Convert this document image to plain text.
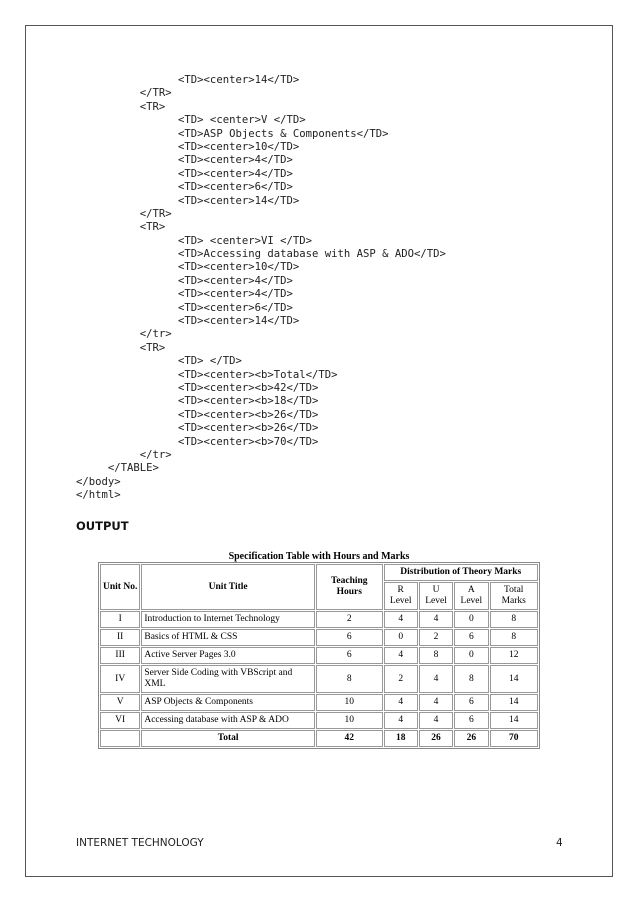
<TD><center>14</TD>
</TR>
<TR>
<TD> <center>V </TD>
<TD>ASP Objects & Components</TD>
<TD><center>10</TD>
<TD><center>4</TD>
<TD><center>4</TD>
<TD><center>6</TD>
<TD><center>14</TD>
</TR>
<TR>
<TD> <center>VI </TD>
<TD>Accessing database with ASP & ADO</TD>
<TD><center>10</TD>
<TD><center>4</TD>
<TD><center>4</TD>
<TD><center>6</TD>
<TD><center>14</TD>
</tr>
<TR>
<TD> </TD>
<TD><center><b>Total</TD>
<TD><center><b>42</TD>
<TD><center><b>18</TD>
<TD><center><b>26</TD>
<TD><center><b>26</TD>
<TD><center><b>70</TD>
</tr>
</TABLE>
</body>
</html>
OUTPUT
Specification Table with Hours and Marks
Unit No.	Unit Title	Teaching Hours	Distribution of Theory Marks			
			R Level	U Level	A Level	Total Marks
I	Introduction to Internet Technology	2	4	4	0	8
II	Basics of HTML & CSS	6	0	2	6	8
III	Active Server Pages 3.0	6	4	8	0	12
IV	Server Side Coding with VBScript and XML	8	2	4	8	14
V	ASP Objects & Components	10	4	4	6	14
VI	Accessing database with ASP & ADO	10	4	4	6	14
	Total	42	18	26	26	70
INTERNET TECHNOLOGY	4
